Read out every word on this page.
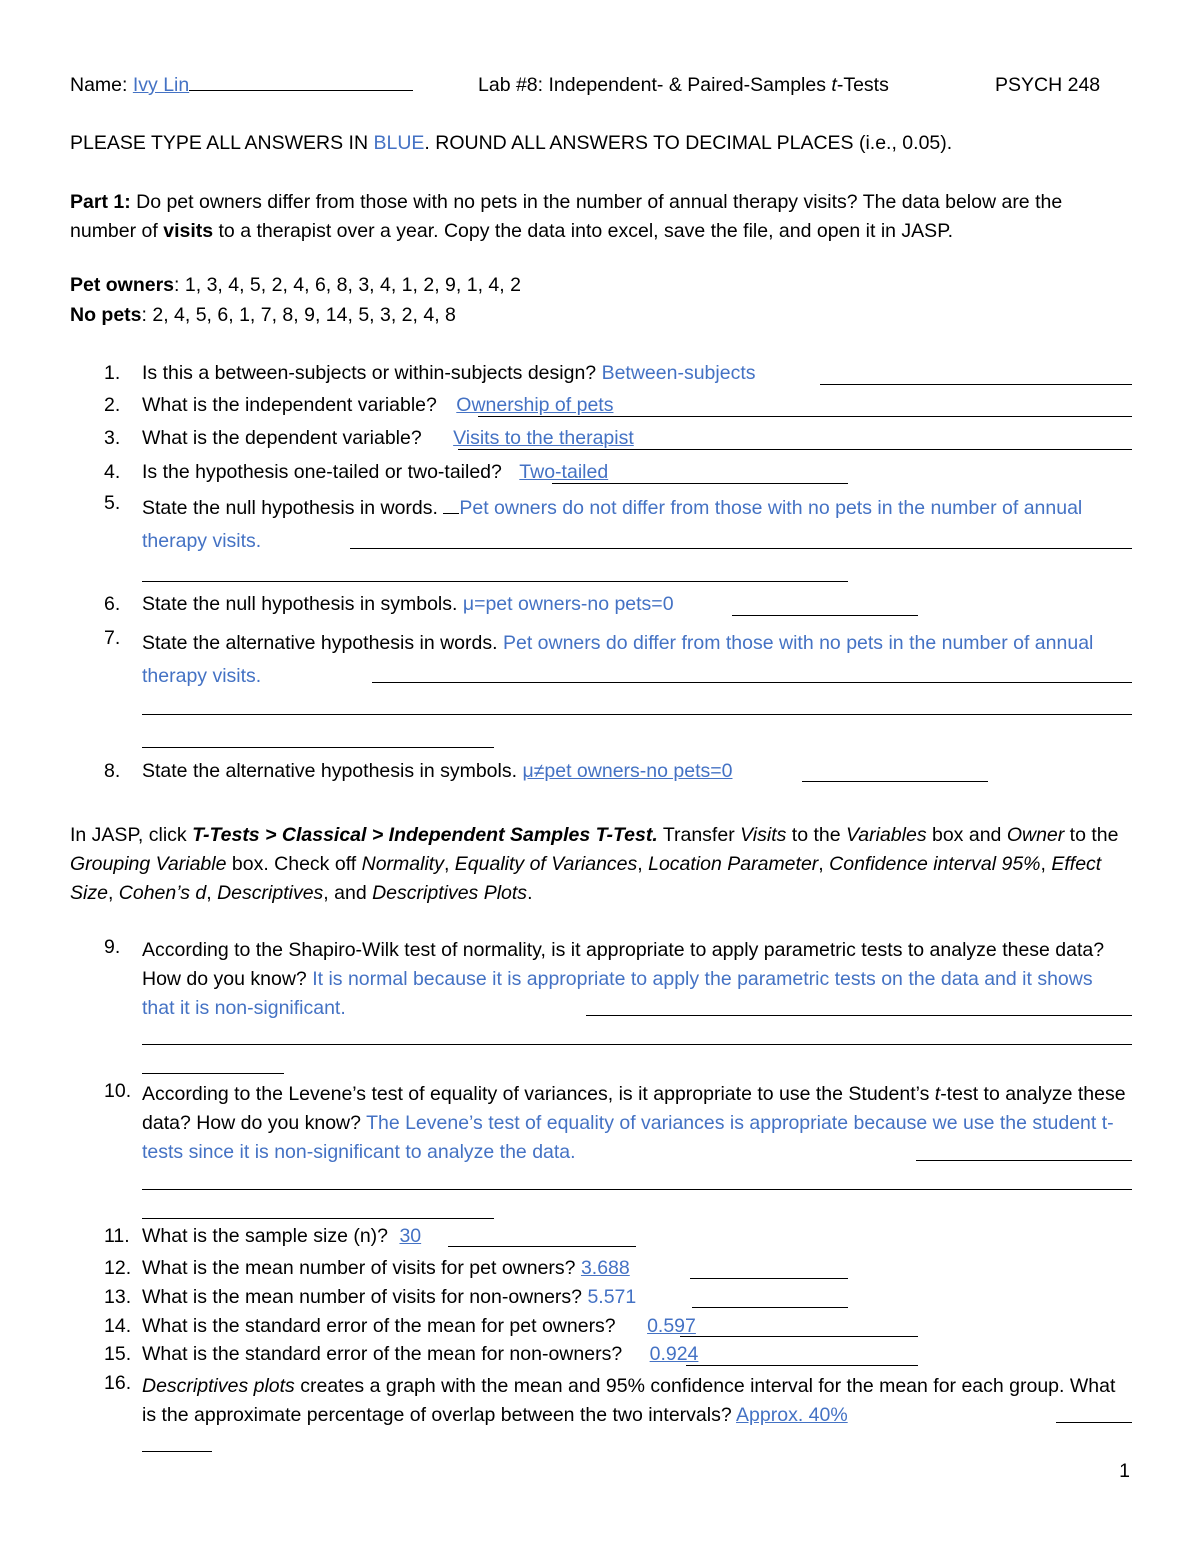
Name: Ivy Lin	Lab #8: Independent- & Paired-Samples t-Tests	PSYCH 248
PLEASE TYPE ALL ANSWERS IN BLUE. ROUND ALL ANSWERS TO DECIMAL PLACES (i.e., 0.05).
Part 1: Do pet owners differ from those with no pets in the number of annual therapy visits? The data below are the number of visits to a therapist over a year. Copy the data into excel, save the file, and open it in JASP.
Pet owners: 1, 3, 4, 5, 2, 4, 6, 8, 3, 4, 1, 2, 9, 1, 4, 2
No pets: 2, 4, 5, 6, 1, 7, 8, 9, 14, 5, 3, 2, 4, 8
1.	Is this a between-subjects or within-subjects design? Between-subjects
2.	What is the independent variable? Ownership of pets
3.	What is the dependent variable? Visits to the therapist
4.	Is the hypothesis one-tailed or two-tailed? Two-tailed
5.	State the null hypothesis in words. Pet owners do not differ from those with no pets in the number of annual therapy visits.
6.	State the null hypothesis in symbols. μ=pet owners-no pets=0
7.	State the alternative hypothesis in words. Pet owners do differ from those with no pets in the number of annual therapy visits.
8.	State the alternative hypothesis in symbols. μ≠pet owners-no pets=0
In JASP, click T-Tests > Classical > Independent Samples T-Test. Transfer Visits to the Variables box and Owner to the Grouping Variable box. Check off Normality, Equality of Variances, Location Parameter, Confidence interval 95%, Effect Size, Cohen’s d, Descriptives, and Descriptives Plots.
9.	According to the Shapiro-Wilk test of normality, is it appropriate to apply parametric tests to analyze these data? How do you know? It is normal because it is appropriate to apply the parametric tests on the data and it shows that it is non-significant.
10. According to the Levene’s test of equality of variances, is it appropriate to use the Student’s t-test to analyze these data? How do you know? The Levene’s test of equality of variances is appropriate because we use the student t-tests since it is non-significant to analyze the data.
11. What is the sample size (n)? 30
12. What is the mean number of visits for pet owners? 3.688
13. What is the mean number of visits for non-owners? 5.571
14. What is the standard error of the mean for pet owners? 0.597
15. What is the standard error of the mean for non-owners? 0.924
16. Descriptives plots creates a graph with the mean and 95% confidence interval for the mean for each group. What is the approximate percentage of overlap between the two intervals? Approx. 40%
1
